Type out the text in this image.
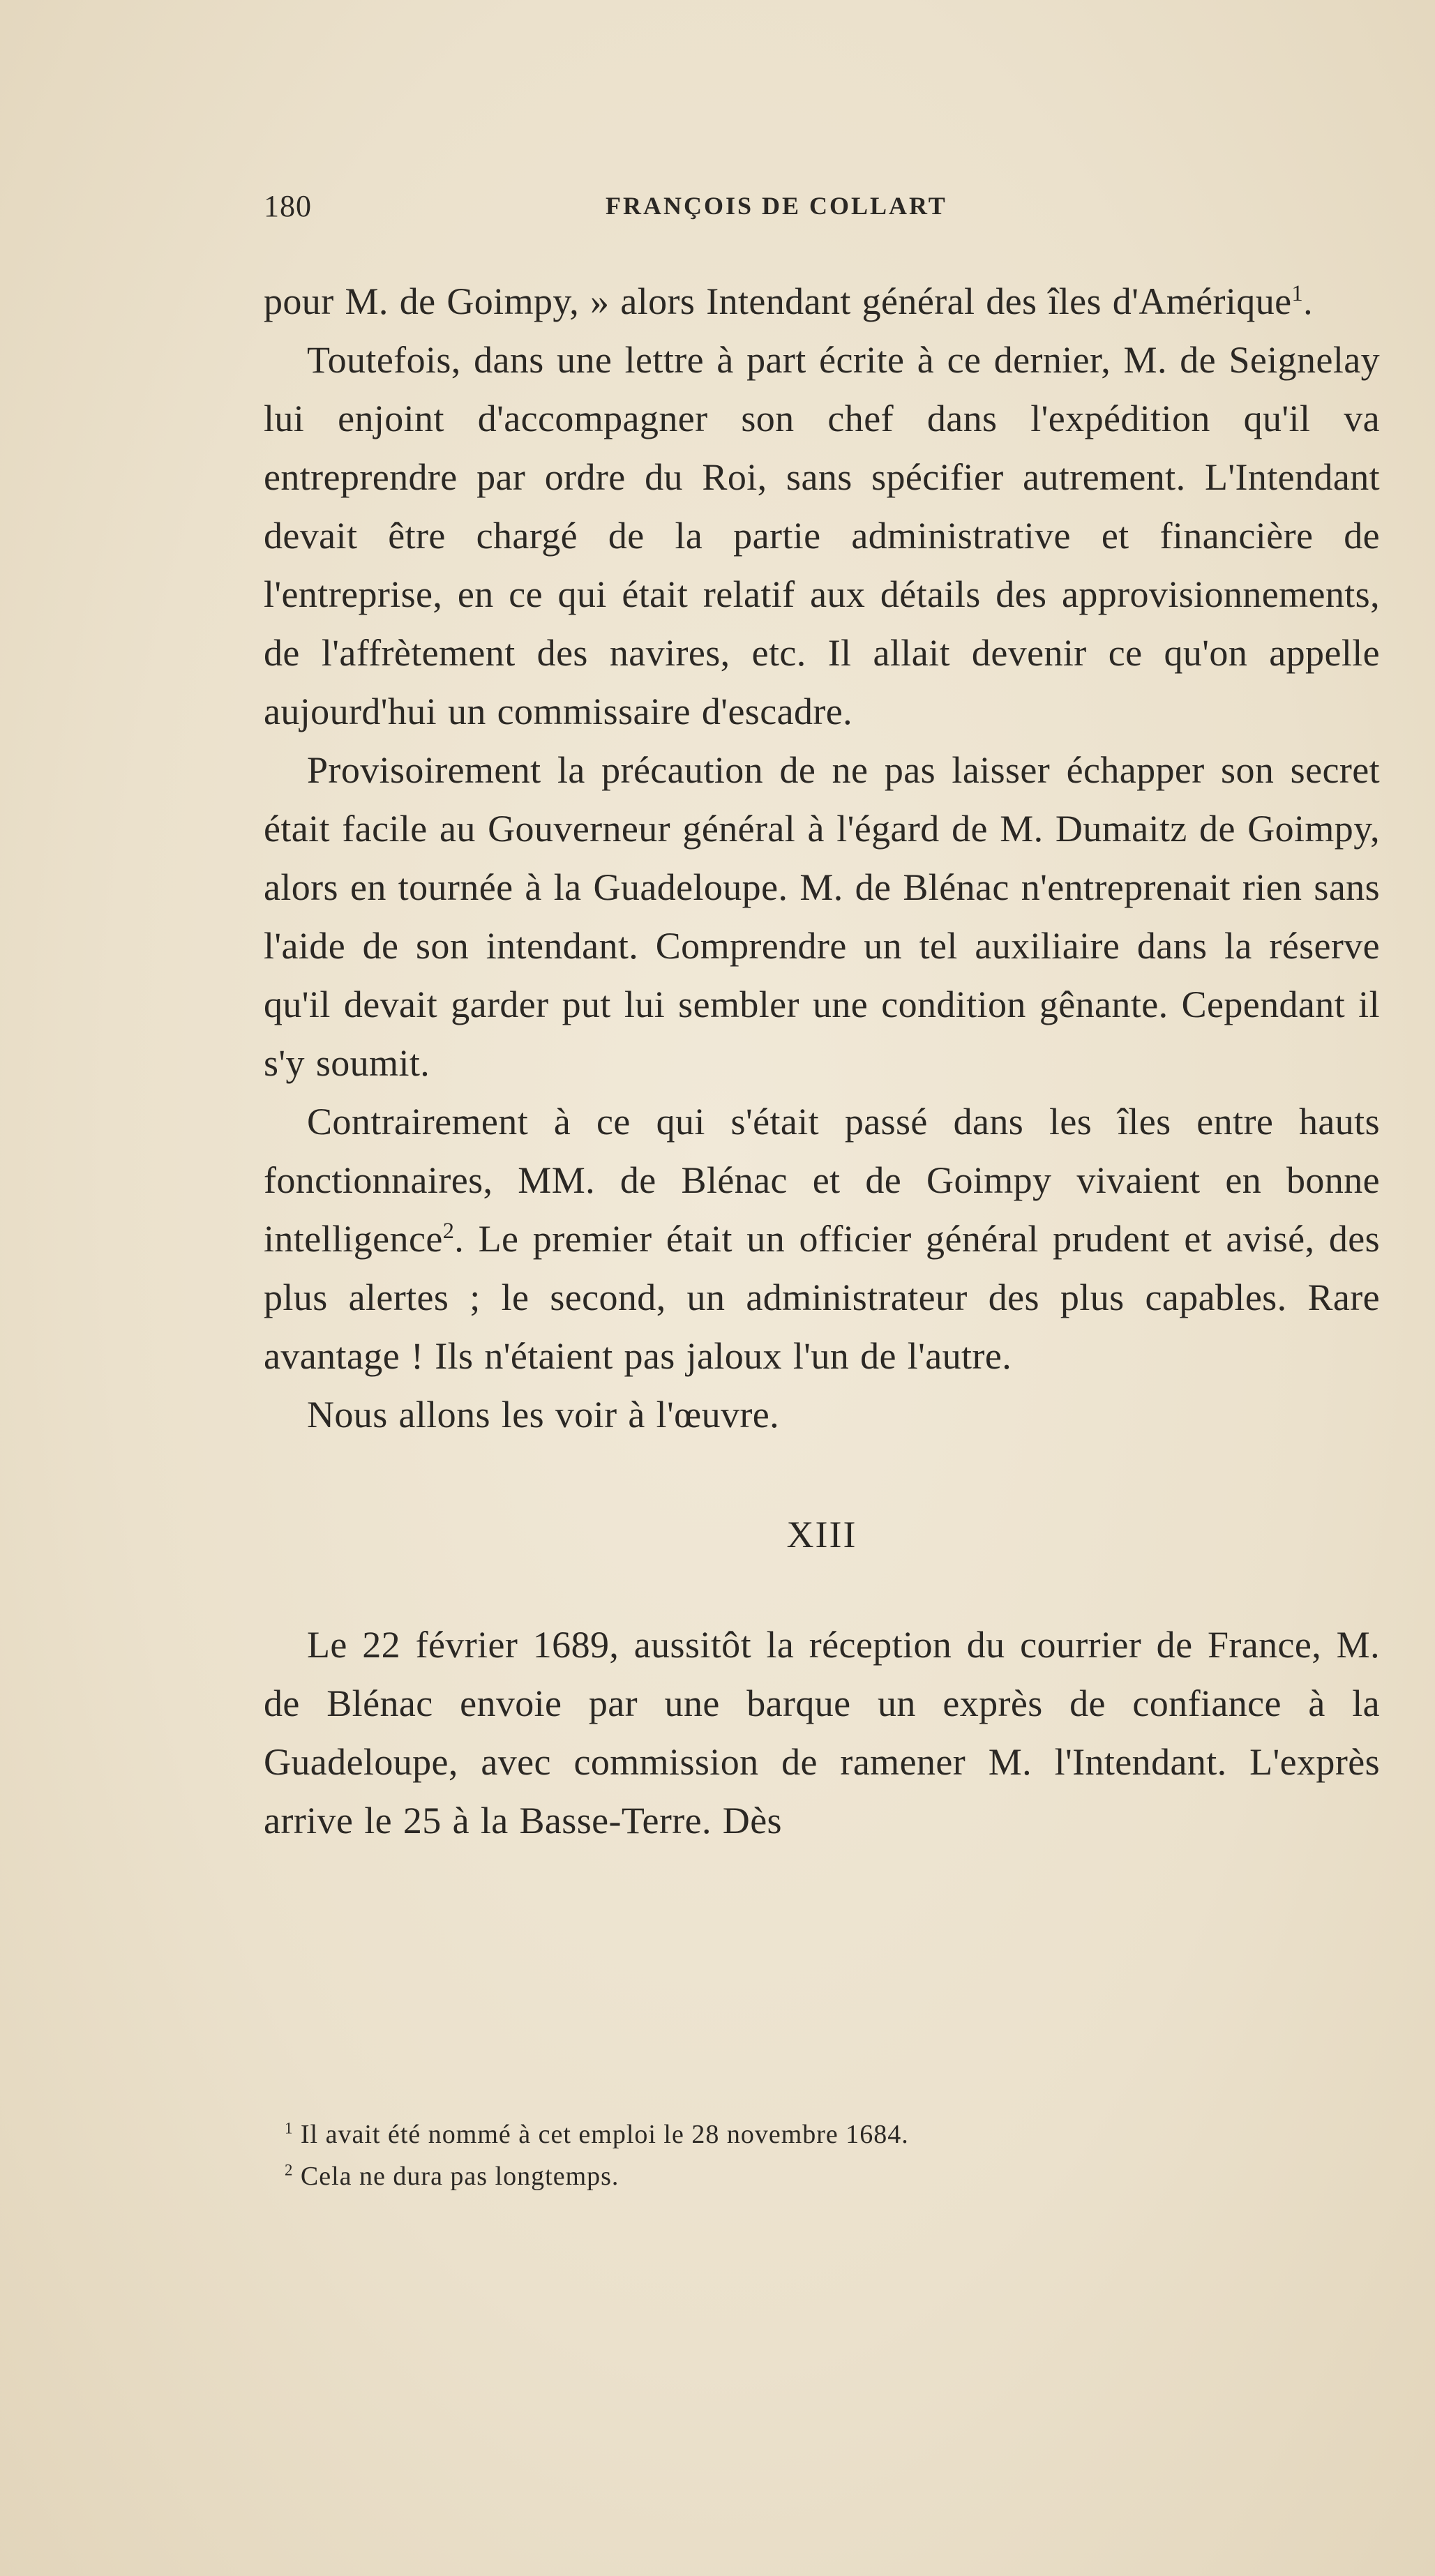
180	FRANÇOIS DE COLLART

pour M. de Goimpy, » alors Intendant général des îles d'Amérique$^1$.

Toutefois, dans une lettre à part écrite à ce dernier, M. de Seignelay lui enjoint d'accompagner son chef dans l'expédition qu'il va entreprendre par ordre du Roi, sans spécifier autrement. L'Intendant devait être chargé de la partie administrative et financière de l'entreprise, en ce qui était relatif aux détails des approvisionnements, de l'affrètement des navires, etc. Il allait devenir ce qu'on appelle aujourd'hui un commissaire d'escadre.

Provisoirement la précaution de ne pas laisser échapper son secret était facile au Gouverneur général à l'égard de M. Dumaitz de Goimpy, alors en tournée à la Guadeloupe. M. de Blénac n'entreprenait rien sans l'aide de son intendant. Comprendre un tel auxiliaire dans la réserve qu'il devait garder put lui sembler une condition gênante. Cependant il s'y soumit.

Contrairement à ce qui s'était passé dans les îles entre hauts fonctionnaires, MM. de Blénac et de Goimpy vivaient en bonne intelligence$^2$. Le premier était un officier général prudent et avisé, des plus alertes ; le second, un administrateur des plus capables. Rare avantage ! Ils n'étaient pas jaloux l'un de l'autre.

Nous allons les voir à l'œuvre.

XIII

Le 22 février 1689, aussitôt la réception du courrier de France, M. de Blénac envoie par une barque un exprès de confiance à la Guadeloupe, avec commission de ramener M. l'Intendant. L'exprès arrive le 25 à la Basse-Terre. Dès

$^1$ Il avait été nommé à cet emploi le 28 novembre 1684.

$^2$ Cela ne dura pas longtemps.
